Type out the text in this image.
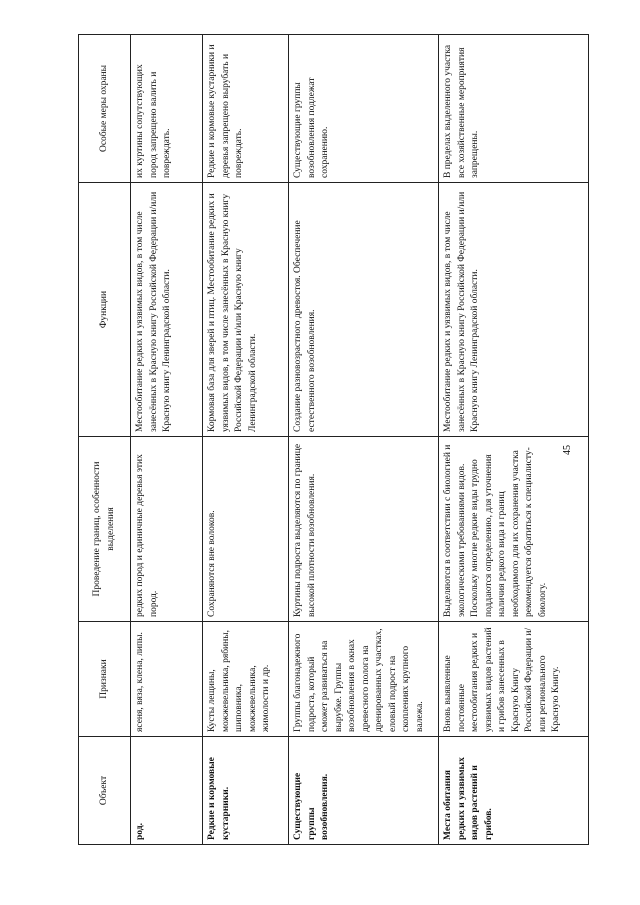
Объект	Признаки	Проведение границ, особенности выделения	Функции	Особые меры охраны
род.	ясеня, вяза, клена, липы.	редких пород и единичные деревья этих пород.	Местообитание редких и уязвимых видов, в том числе занесённых в Красную книгу Российской Федерации и/или Красную книгу Ленинградской области.	их куртины сопутствующих пород запрещено валить и повреждать.
Редкие и кормовые кустарники.	Кусты лещины, можжевельника, рябины, шиповника, можжевельника, жимолости и др.	Сохраняются вне волоков.	Кормовая база для зверей и птиц. Местообитание редких и уязвимых видов, в том числе занесённых в Красную книгу Российской Федерации и/или Красную книгу Ленинградской области.	Редкие и кормовые кустарники и деревья запрещено вырубать и повреждать.
Существующие группы возобновления.	Группы благонадежного подроста, который сможет развиваться на вырубке. Группы возобновления в окнах древесного полога на дренированных участках, еловый подрост на скоплениях крупного валежа.	Куртины подроста выделяются по границе высокой плотности возобновления.	Создание разновозрастного древостоя. Обеспечение естественного возобновления.	Существующие группы возобновления подлежат сохранению.
Места обитания редких и уязвимых видов растений и грибов.	Вновь выявленные постоянные местообитания редких и уязвимых видов растений и грибов занесенных в Красную Книгу Российской Федерации и/или регионального Красную Книгу.	Выделяются в соответствии с биологией и экологическими требованиями видов. Поскольку многие редкие виды трудно поддаются определению, для уточнения наличия редкого вида и границ необходимого для их сохранения участка рекомендуется обратиться к специалисту-биологу.	Местообитание редких и уязвимых видов, в том числе занесённых в Красную книгу Российской Федерации и/или Красную книгу Ленинградской области.	В пределах выделенного участка все хозяйственные мероприятия запрещены.
45
